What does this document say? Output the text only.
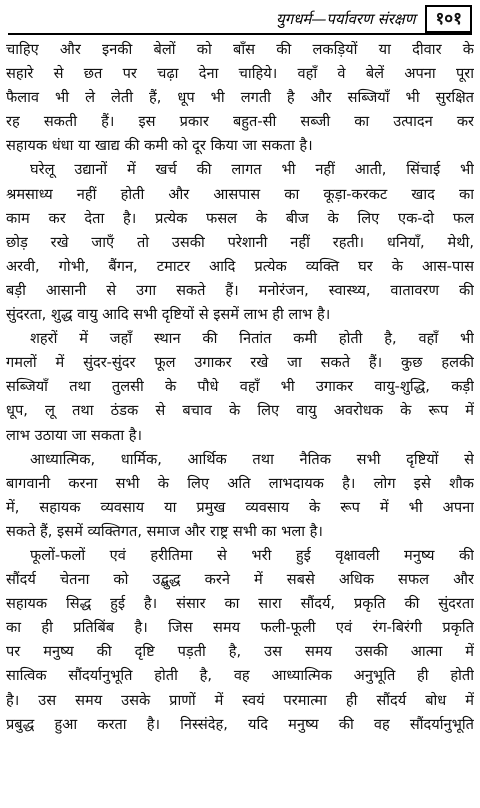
युगधर्म—पर्यावरण संरक्षण	१०१

चाहिए और इनकी बेलों को बाँस की लकड़ियों या दीवार के
सहारे से छत पर चढ़ा देना चाहिये। वहाँ वे बेलें अपना पूरा
फैलाव भी ले लेती हैं, धूप भी लगती है और सब्जियाँ भी सुरक्षित
रह सकती हैं। इस प्रकार बहुत-सी सब्जी का उत्पादन कर
सहायक धंधा या खाद्य की कमी को दूर किया जा सकता है।

घरेलू उद्यानों में खर्च की लागत भी नहीं आती, सिंचाई भी
श्रमसाध्य नहीं होती और आसपास का कूड़ा-करकट खाद का
काम कर देता है। प्रत्येक फसल के बीज के लिए एक-दो फल
छोड़ रखे जाएँ तो उसकी परेशानी नहीं रहती। धनियाँ, मेथी,
अरवी, गोभी, बैंगन, टमाटर आदि प्रत्येक व्यक्ति घर के आस-पास
बड़ी आसानी से उगा सकते हैं। मनोरंजन, स्वास्थ्य, वातावरण की
सुंदरता, शुद्ध वायु आदि सभी दृष्टियों से इसमें लाभ ही लाभ है।

शहरों में जहाँ स्थान की नितांत कमी होती है, वहाँ भी
गमलों में सुंदर-सुंदर फूल उगाकर रखे जा सकते हैं। कुछ हलकी
सब्जियाँ तथा तुलसी के पौधे वहाँ भी उगाकर वायु-शुद्धि, कड़ी
धूप, लू तथा ठंडक से बचाव के लिए वायु अवरोधक के रूप में
लाभ उठाया जा सकता है।

आध्यात्मिक, धार्मिक, आर्थिक तथा नैतिक सभी दृष्टियों से
बागवानी करना सभी के लिए अति लाभदायक है। लोग इसे शौक
में, सहायक व्यवसाय या प्रमुख व्यवसाय के रूप में भी अपना
सकते हैं, इसमें व्यक्तिगत, समाज और राष्ट्र सभी का भला है।

फूलों-फलों एवं हरीतिमा से भरी हुई वृक्षावली मनुष्य की
सौंदर्य चेतना को उद्बुद्ध करने में सबसे अधिक सफल और
सहायक सिद्ध हुई है। संसार का सारा सौंदर्य, प्रकृति की सुंदरता
का ही प्रतिबिंब है। जिस समय फली-फूली एवं रंग-बिरंगी प्रकृति
पर मनुष्य की दृष्टि पड़ती है, उस समय उसकी आत्मा में
सात्विक सौंदर्यानुभूति होती है, वह आध्यात्मिक अनुभूति ही होती
है। उस समय उसके प्राणों में स्वयं परमात्मा ही सौंदर्य बोध में
प्रबुद्ध हुआ करता है। निस्संदेह, यदि मनुष्य की वह सौंदर्यानुभूति
